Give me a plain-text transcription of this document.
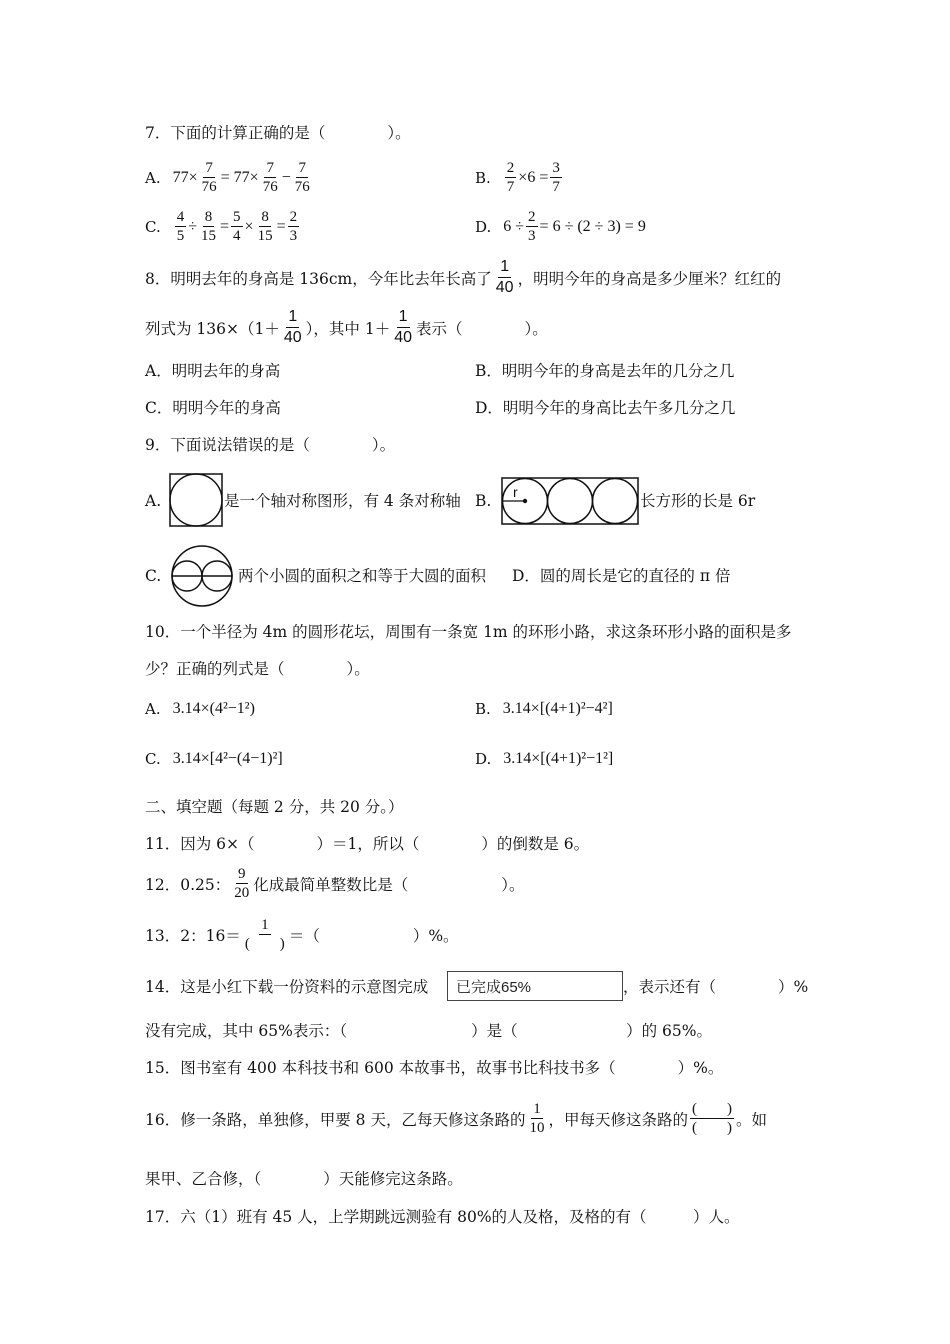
7．下面的计算正确的是（　　　　）。
A. $77\times \frac{7}{76} = 77\times \frac{7}{76} - \frac{7}{76}$	B. $\frac{2}{7} \times 6 = \frac{3}{7}$
C. $\frac{4}{5} \div \frac{8}{15} = \frac{5}{4} \times \frac{8}{15} = \frac{2}{3}$	D. $6 \div \frac{2}{3} = 6 \div (2 \div 3) = 9$
8．明明去年的身高是 136cm，今年比去年长高了 $\frac{1}{40}$ ，明明今年的身高是多少厘米？红红的
列式为 $136\times(1+ \frac{1}{40}$ ），其中 $1+ \frac{1}{40}$ 表示（　　　　）。
A．明明去年的身高	B．明明今年的身高是去年的几分之几
C．明明今年的身高	D．明明今年的身高比去午多几分之几
9．下面说法错误的是（　　　　）。
A.	是一个轴对称图形，有 4 条对称轴 B. r	长方形的长是 6r
C.	两个小圆的面积之和等于大圆的面积 D．圆的周长是它的直径的 π 倍
10．一个半径为 4m 的圆形花坛，周围有一条宽 1m 的环形小路，求这条环形小路的面积是多
少？正确的列式是（　　　　）。
A. 3.14×(4²−1²)	B. 3.14×[(4+1)²−4²]
C. 3.14×[4²−(4−1)²]	D. 3.14×[(4+1)²−1²]
二、填空题（每题 2 分，共 20 分。）
11．因为 6×（　　　　）＝1，所以（　　　　）的倒数是 6。
12．0.25： $\frac{9}{20}$ 化成最简单整数比是（　　　　　　）。
13．2：$16= \frac{1}{( )}$ ＝（　　　　　　）%。
14．这是小红下载一份资料的示意图完成 已完成65%	，表示还有（　　　　）%
没有完成，其中 65%表示：（　　　　　　　　）是（　　　　　　　）的 65%。
15．图书室有 400 本科技书和 600 本故事书，故事书比科技书多（　　　　）%。
16．修一条路，单独修，甲要 8 天，乙每天修这条路的 $\frac{1}{10}$ ，甲每天修这条路的 $\frac{( )}{( )}$ 。如
果甲、乙合修，（　　　　）天能修完这条路。
17．六（1）班有 45 人，上学期跳远测验有 80%的人及格，及格的有（　　　）人。
